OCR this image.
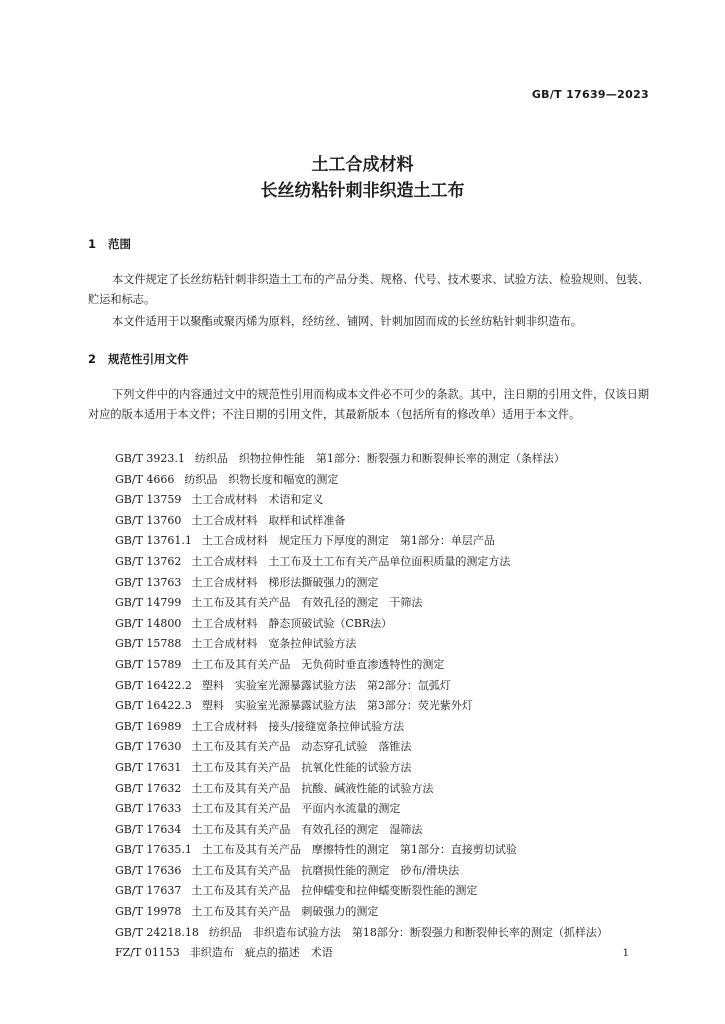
GB/T 17639—2023
土工合成材料
长丝纺粘针刺非织造土工布
1 范围

本文件规定了长丝纺粘针刺非织造土工布的产品分类、规格、代号、技术要求、试验方法、检验规则、包装、贮运和标志。

本文件适用于以聚酯或聚丙烯为原料，经纺丝、铺网、针刺加固而成的长丝纺粘针刺非织造布。

2 规范性引用文件

下列文件中的内容通过文中的规范性引用而构成本文件必不可少的条款。其中，注日期的引用文件，仅该日期对应的版本适用于本文件；不注日期的引用文件，其最新版本（包括所有的修改单）适用于本文件。

GB/T 3923.1 纺织品　织物拉伸性能　第1部分：断裂强力和断裂伸长率的测定（条样法）
GB/T 4666 纺织品　织物长度和幅宽的测定
GB/T 13759 土工合成材料　术语和定义
GB/T 13760 土工合成材料　取样和试样准备
GB/T 13761.1 土工合成材料　规定压力下厚度的测定　第1部分：单层产品
GB/T 13762 土工合成材料　土工布及土工布有关产品单位面积质量的测定方法
GB/T 13763 土工合成材料　梯形法撕破强力的测定
GB/T 14799 土工布及其有关产品　有效孔径的测定　干筛法
GB/T 14800 土工合成材料　静态顶破试验（CBR法）
GB/T 15788 土工合成材料　宽条拉伸试验方法
GB/T 15789 土工布及其有关产品　无负荷时垂直渗透特性的测定
GB/T 16422.2 塑料　实验室光源暴露试验方法　第2部分：氙弧灯
GB/T 16422.3 塑料　实验室光源暴露试验方法　第3部分：荧光紫外灯
GB/T 16989 土工合成材料　接头/接缝宽条拉伸试验方法
GB/T 17630 土工布及其有关产品　动态穿孔试验　落锥法
GB/T 17631 土工布及其有关产品　抗氧化性能的试验方法
GB/T 17632 土工布及其有关产品　抗酸、碱液性能的试验方法
GB/T 17633 土工布及其有关产品　平面内水流量的测定
GB/T 17634 土工布及其有关产品　有效孔径的测定　湿筛法
GB/T 17635.1 土工布及其有关产品　摩擦特性的测定　第1部分：直接剪切试验
GB/T 17636 土工布及其有关产品　抗磨损性能的测定　砂布/滑块法
GB/T 17637 土工布及其有关产品　拉伸蠕变和拉伸蠕变断裂性能的测定
GB/T 19978 土工布及其有关产品　刺破强力的测定
GB/T 24218.18 纺织品　非织造布试验方法　第18部分：断裂强力和断裂伸长率的测定（抓样法）
FZ/T 01153 非织造布　疵点的描述　术语	1
